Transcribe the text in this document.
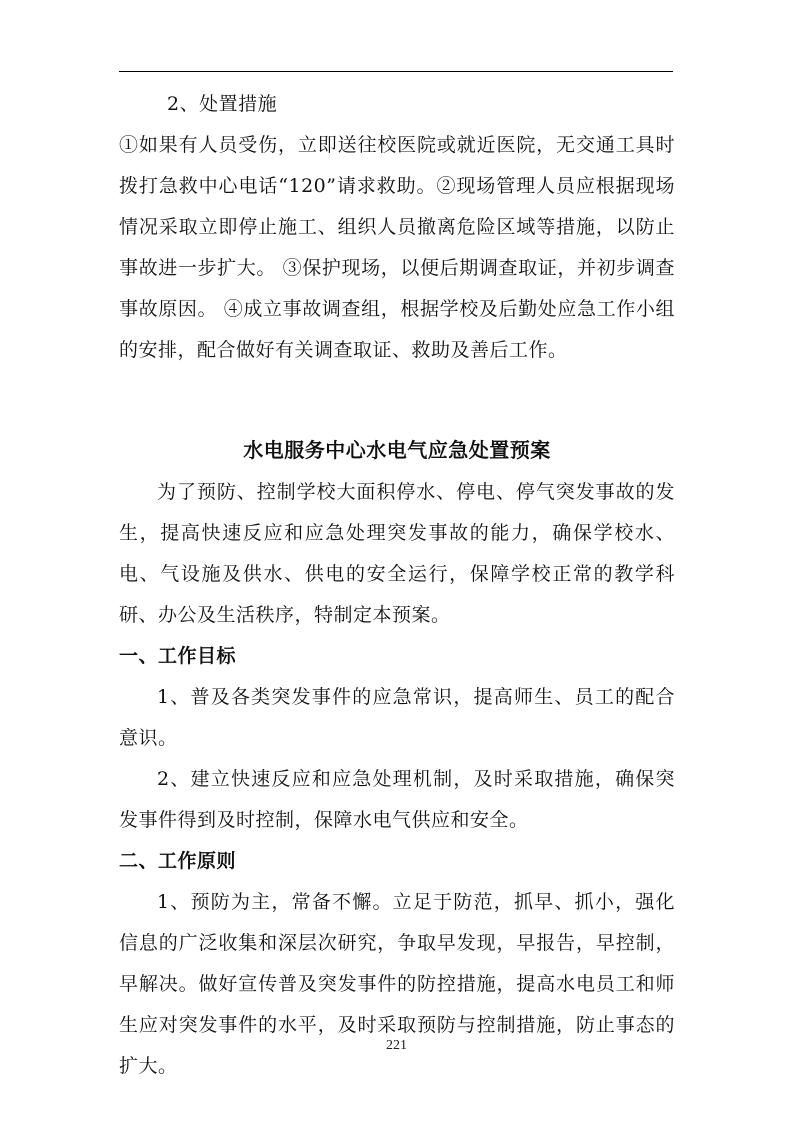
2、处置措施

①如果有人员受伤，立即送往校医院或就近医院，无交通工具时拨打急救中心电话“120”请求救助。②现场管理人员应根据现场情况采取立即停止施工、组织人员撤离危险区域等措施，以防止事故进一步扩大。 ③保护现场，以便后期调查取证，并初步调查事故原因。 ④成立事故调查组，根据学校及后勤处应急工作小组的安排，配合做好有关调查取证、救助及善后工作。

水电服务中心水电气应急处置预案

为了预防、控制学校大面积停水、停电、停气突发事故的发生，提高快速反应和应急处理突发事故的能力，确保学校水、电、气设施及供水、供电的安全运行，保障学校正常的教学科研、办公及生活秩序，特制定本预案。

一、工作目标

1、普及各类突发事件的应急常识，提高师生、员工的配合意识。

2、建立快速反应和应急处理机制，及时采取措施，确保突发事件得到及时控制，保障水电气供应和安全。

二、工作原则

1、预防为主，常备不懈。立足于防范，抓早、抓小，强化信息的广泛收集和深层次研究，争取早发现，早报告，早控制，早解决。做好宣传普及突发事件的防控措施，提高水电员工和师生应对突发事件的水平，及时采取预防与控制措施，防止事态的扩大。

221
